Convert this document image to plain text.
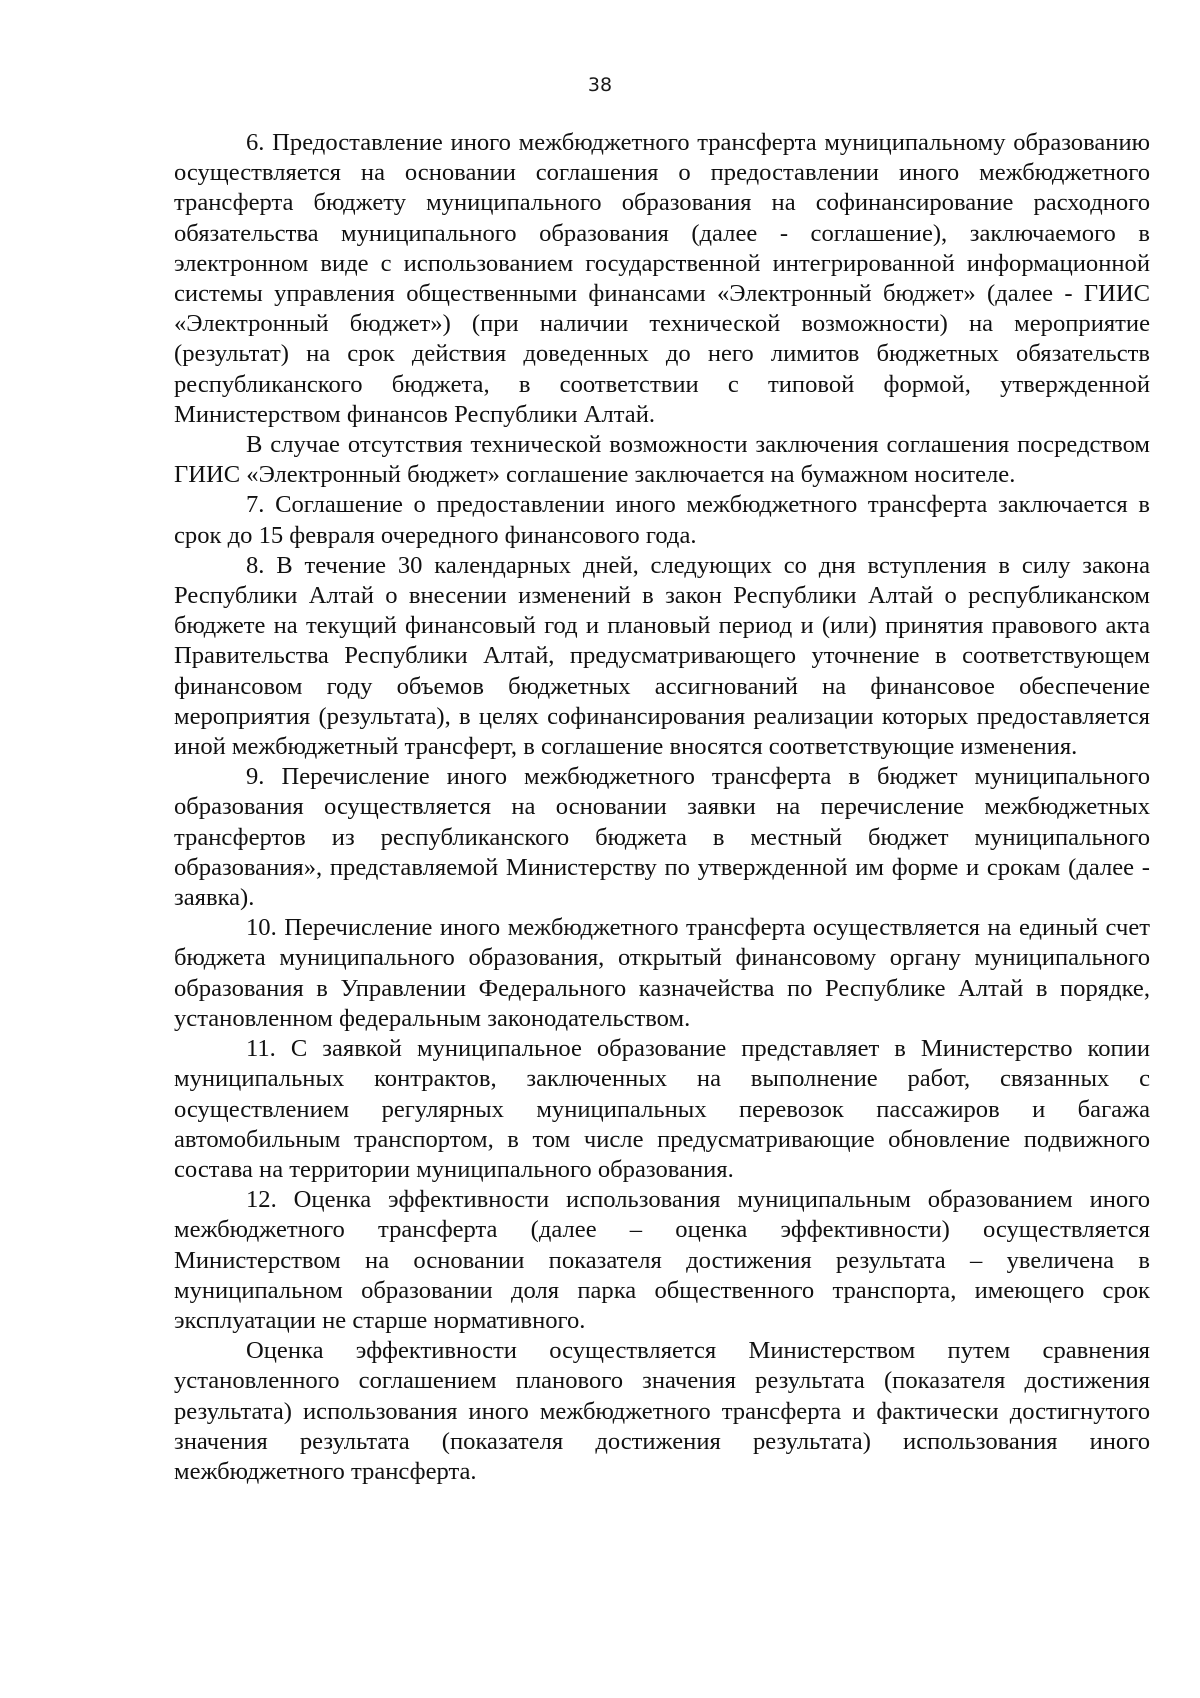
38

6. Предоставление иного межбюджетного трансферта муниципальному образованию осуществляется на основании соглашения о предоставлении иного межбюджетного трансферта бюджету муниципального образования на софинансирование расходного обязательства муниципального образования (далее - соглашение), заключаемого в электронном виде с использованием государственной интегрированной информационной системы управления общественными финансами «Электронный бюджет» (далее - ГИИС «Электронный бюджет») (при наличии технической возможности) на мероприятие (результат) на срок действия доведенных до него лимитов бюджетных обязательств республиканского бюджета, в соответствии с типовой формой, утвержденной Министерством финансов Республики Алтай.

В случае отсутствия технической возможности заключения соглашения посредством ГИИС «Электронный бюджет» соглашение заключается на бумажном носителе.

7. Соглашение о предоставлении иного межбюджетного трансферта заключается в срок до 15 февраля очередного финансового года.

8. В течение 30 календарных дней, следующих со дня вступления в силу закона Республики Алтай о внесении изменений в закон Республики Алтай о республиканском бюджете на текущий финансовый год и плановый период и (или) принятия правового акта Правительства Республики Алтай, предусматривающего уточнение в соответствующем финансовом году объемов бюджетных ассигнований на финансовое обеспечение мероприятия (результата), в целях софинансирования реализации которых предоставляется иной межбюджетный трансферт, в соглашение вносятся соответствующие изменения.

9. Перечисление иного межбюджетного трансферта в бюджет муниципального образования осуществляется на основании заявки на перечисление межбюджетных трансфертов из республиканского бюджета в местный бюджет муниципального образования», представляемой Министерству по утвержденной им форме и срокам (далее - заявка).

10. Перечисление иного межбюджетного трансферта осуществляется на единый счет бюджета муниципального образования, открытый финансовому органу муниципального образования в Управлении Федерального казначейства по Республике Алтай в порядке, установленном федеральным законодательством.

11. С заявкой муниципальное образование представляет в Министерство копии муниципальных контрактов, заключенных на выполнение работ, связанных с осуществлением регулярных муниципальных перевозок пассажиров и багажа автомобильным транспортом, в том числе предусматривающие обновление подвижного состава на территории муниципального образования.

12. Оценка эффективности использования муниципальным образованием иного межбюджетного трансферта (далее – оценка эффективности) осуществляется Министерством на основании показателя достижения результата – увеличена в муниципальном образовании доля парка общественного транспорта, имеющего срок эксплуатации не старше нормативного.

Оценка эффективности осуществляется Министерством путем сравнения установленного соглашением планового значения результата (показателя достижения результата) использования иного межбюджетного трансферта и фактически достигнутого значения результата (показателя достижения результата) использования иного межбюджетного трансферта.
